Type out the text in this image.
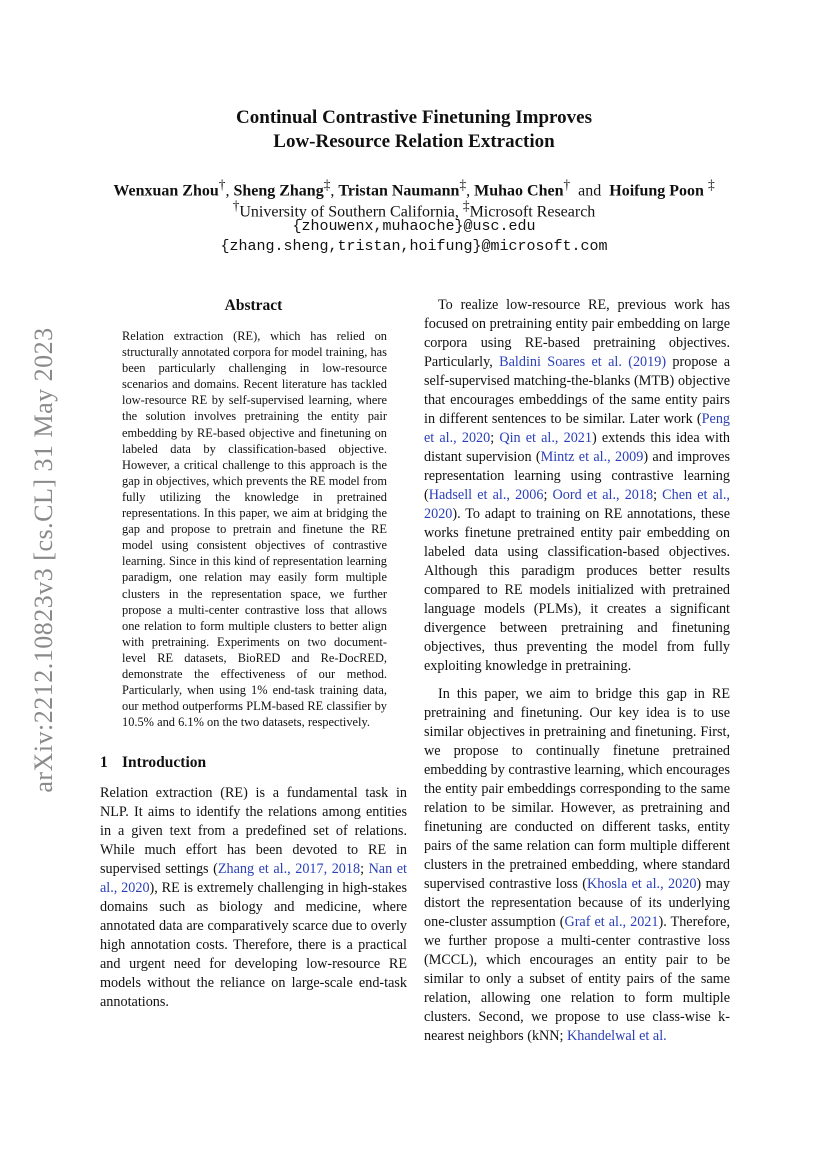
arXiv:2212.10823v3 [cs.CL] 31 May 2023
Continual Contrastive Finetuning Improves
Low-Resource Relation Extraction
Wenxuan Zhou†, Sheng Zhang‡, Tristan Naumann‡, Muhao Chen† and Hoifung Poon ‡
†University of Southern California, ‡Microsoft Research
{zhouwenx,muhaoche}@usc.edu
{zhang.sheng,tristan,hoifung}@microsoft.com
Abstract

Relation extraction (RE), which has relied on structurally annotated corpora for model training, has been particularly challenging in low-resource scenarios and domains. Recent literature has tackled low-resource RE by self-supervised learning, where the solution involves pretraining the entity pair embedding by RE-based objective and finetuning on labeled data by classification-based objective. However, a critical challenge to this approach is the gap in objectives, which prevents the RE model from fully utilizing the knowledge in pretrained representations. In this paper, we aim at bridging the gap and propose to pretrain and finetune the RE model using consistent objectives of contrastive learning. Since in this kind of representation learning paradigm, one relation may easily form multiple clusters in the representation space, we further propose a multi-center contrastive loss that allows one relation to form multiple clusters to better align with pretraining. Experiments on two document-level RE datasets, BioRED and Re-DocRED, demonstrate the effectiveness of our method. Particularly, when using 1% end-task training data, our method outperforms PLM-based RE classifier by 10.5% and 6.1% on the two datasets, respectively.

1 Introduction

Relation extraction (RE) is a fundamental task in NLP. It aims to identify the relations among entities in a given text from a predefined set of relations. While much effort has been devoted to RE in supervised settings (Zhang et al., 2017, 2018; Nan et al., 2020), RE is extremely challenging in high-stakes domains such as biology and medicine, where annotated data are comparatively scarce due to overly high annotation costs. Therefore, there is a practical and urgent need for developing low-resource RE models without the reliance on large-scale end-task annotations.

To realize low-resource RE, previous work has focused on pretraining entity pair embedding on large corpora using RE-based pretraining objectives. Particularly, Baldini Soares et al. (2019) propose a self-supervised matching-the-blanks (MTB) objective that encourages embeddings of the same entity pairs in different sentences to be similar. Later work (Peng et al., 2020; Qin et al., 2021) extends this idea with distant supervision (Mintz et al., 2009) and improves representation learning using contrastive learning (Hadsell et al., 2006; Oord et al., 2018; Chen et al., 2020). To adapt to training on RE annotations, these works finetune pretrained entity pair embedding on labeled data using classification-based objectives. Although this paradigm produces better results compared to RE models initialized with pretrained language models (PLMs), it creates a significant divergence between pretraining and finetuning objectives, thus preventing the model from fully exploiting knowledge in pretraining.

In this paper, we aim to bridge this gap in RE pretraining and finetuning. Our key idea is to use similar objectives in pretraining and finetuning. First, we propose to continually finetune pretrained embedding by contrastive learning, which encourages the entity pair embeddings corresponding to the same relation to be similar. However, as pretraining and finetuning are conducted on different tasks, entity pairs of the same relation can form multiple different clusters in the pretrained embedding, where standard supervised contrastive loss (Khosla et al., 2020) may distort the representation because of its underlying one-cluster assumption (Graf et al., 2021). Therefore, we further propose a multi-center contrastive loss (MCCL), which encourages an entity pair to be similar to only a subset of entity pairs of the same relation, allowing one relation to form multiple clusters. Second, we propose to use class-wise k-nearest neighbors (kNN; Khandelwal et al.
